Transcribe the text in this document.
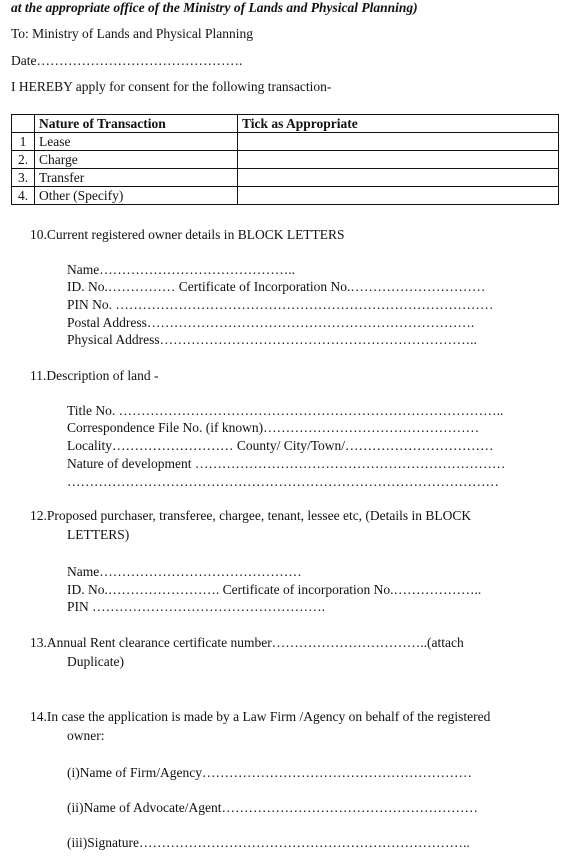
at the appropriate office of the Ministry of Lands and Physical Planning)
To: Ministry of Lands and Physical Planning
Date……………………………………….
I HEREBY apply for consent for the following transaction-
	Nature of Transaction	Tick as Appropriate
1	Lease	
2.	Charge	
3.	Transfer	
4.	Other (Specify)	
10.Current registered owner details in BLOCK LETTERS
Name……………………………………..
ID. No.…………… Certificate of Incorporation No.…………………………
PIN No. …………………………………………………………………………
Postal Address……………………………………………………………….
Physical Address……………………………………………………………..
11.Description of land -
Title No. …………………………………………………………………………..
Correspondence File No. (if known)…………………………………………
Locality……………………… County/ City/Town/……………………………
Nature of development ……………………………………………………………
……………………………………………………………………………………
12.Proposed purchaser, transferee, chargee, tenant, lessee etc, (Details in BLOCK
LETTERS)
Name………………………………………
ID. No.……………………. Certificate of incorporation No.………………..
PIN …………………………………………….
13.Annual Rent clearance certificate number……………………………..(attach
Duplicate)
14.In case the application is made by a Law Firm /Agency on behalf of the registered
owner:
(i)Name of Firm/Agency……………………………………………………
(ii)Name of Advocate/Agent…………………………………………………
(iii)Signature………………………………………………………………..
